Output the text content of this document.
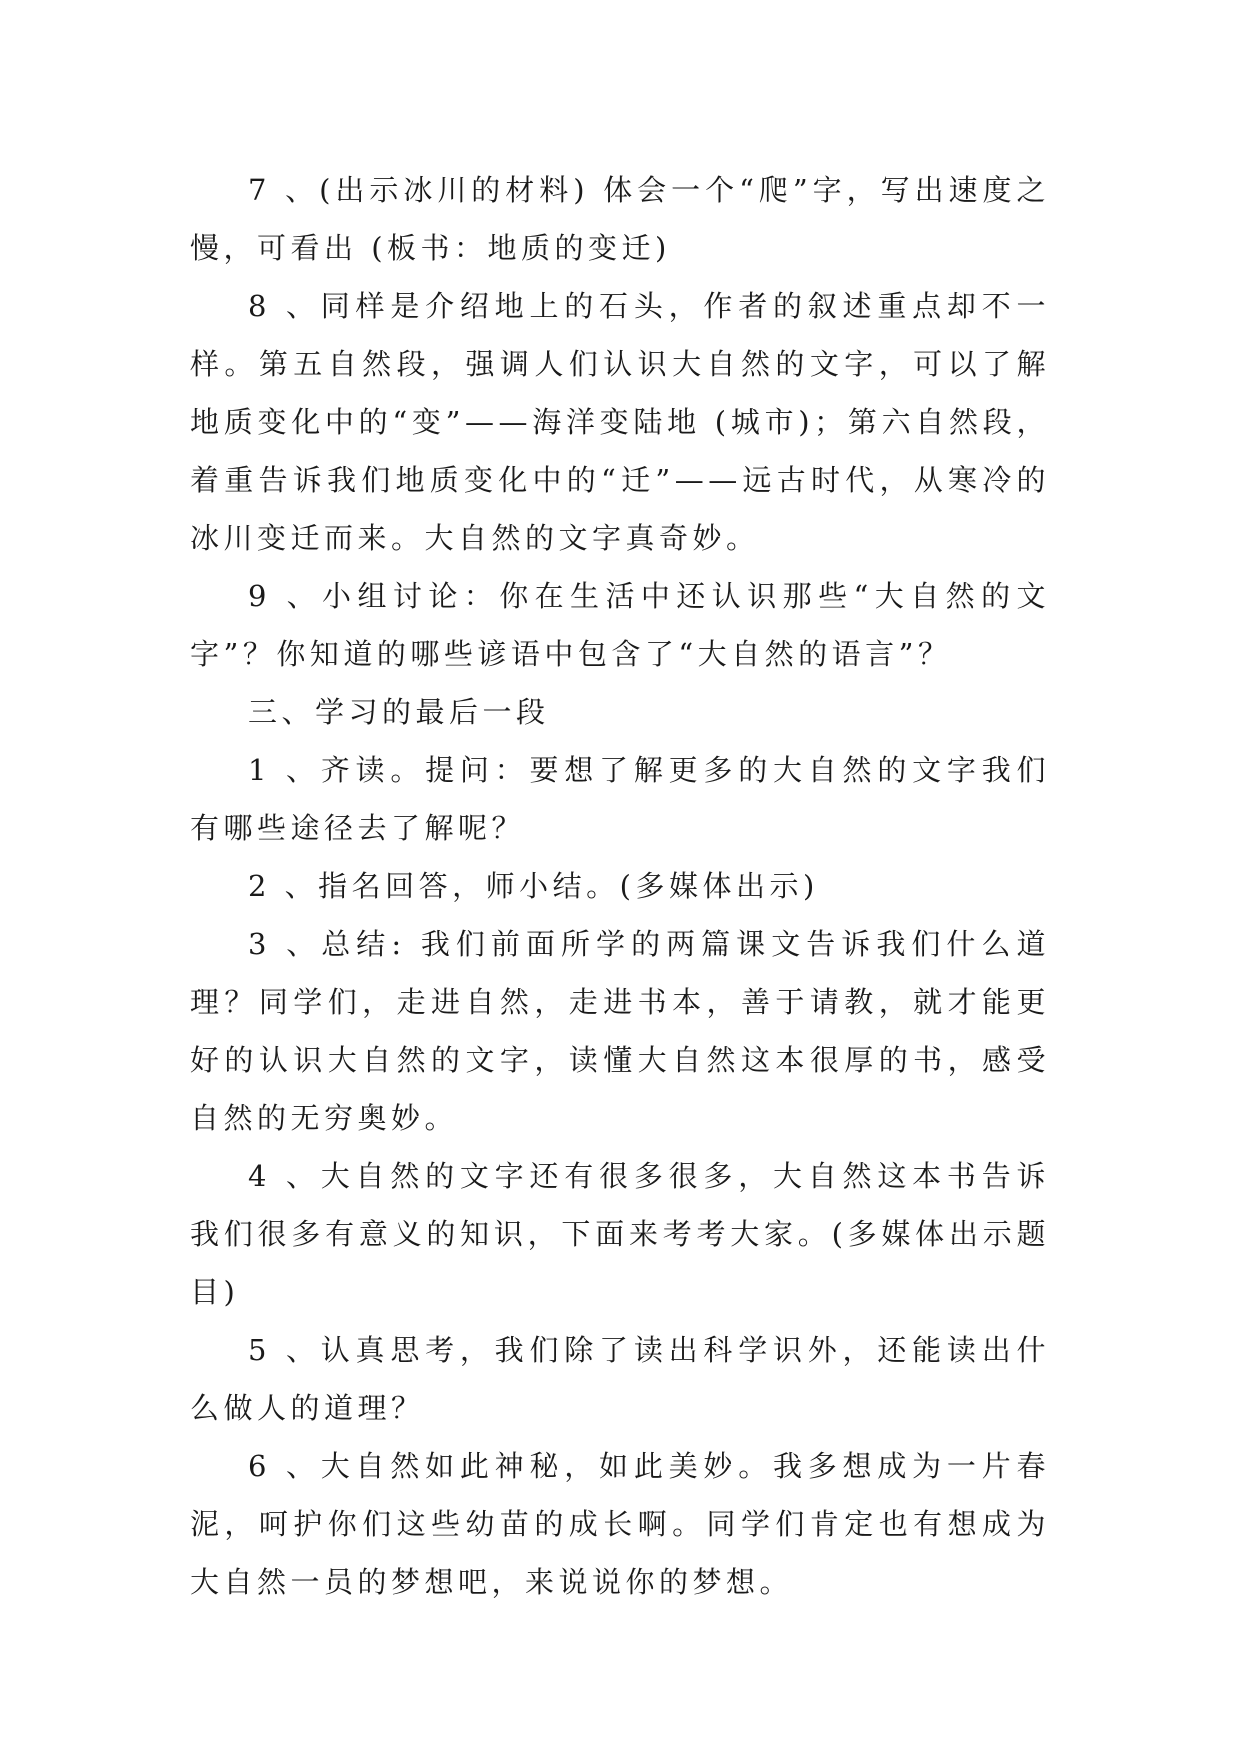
7 、(出示冰川的材料) 体会一个“爬”字，写出速度之慢，可看出 (板书：地质的变迁)

8 、同样是介绍地上的石头，作者的叙述重点却不一样。第五自然段，强调人们认识大自然的文字，可以了解地质变化中的“变”——海洋变陆地 (城市)；第六自然段，着重告诉我们地质变化中的“迁”——远古时代，从寒冷的冰川变迁而来。大自然的文字真奇妙。

9 、小组讨论：你在生活中还认识那些“大自然的文字”？你知道的哪些谚语中包含了“大自然的语言”？

三、学习的最后一段

1 、齐读。提问：要想了解更多的大自然的文字我们有哪些途径去了解呢？

2 、指名回答，师小结。(多媒体出示)

3 、总结: 我们前面所学的两篇课文告诉我们什么道理？同学们，走进自然，走进书本，善于请教，就才能更好的认识大自然的文字，读懂大自然这本很厚的书，感受自然的无穷奥妙。

4 、大自然的文字还有很多很多，大自然这本书告诉我们很多有意义的知识，下面来考考大家。(多媒体出示题目)

5 、认真思考，我们除了读出科学识外，还能读出什么做人的道理？

6 、大自然如此神秘，如此美妙。我多想成为一片春泥，呵护你们这些幼苗的成长啊。同学们肯定也有想成为大自然一员的梦想吧，来说说你的梦想。
